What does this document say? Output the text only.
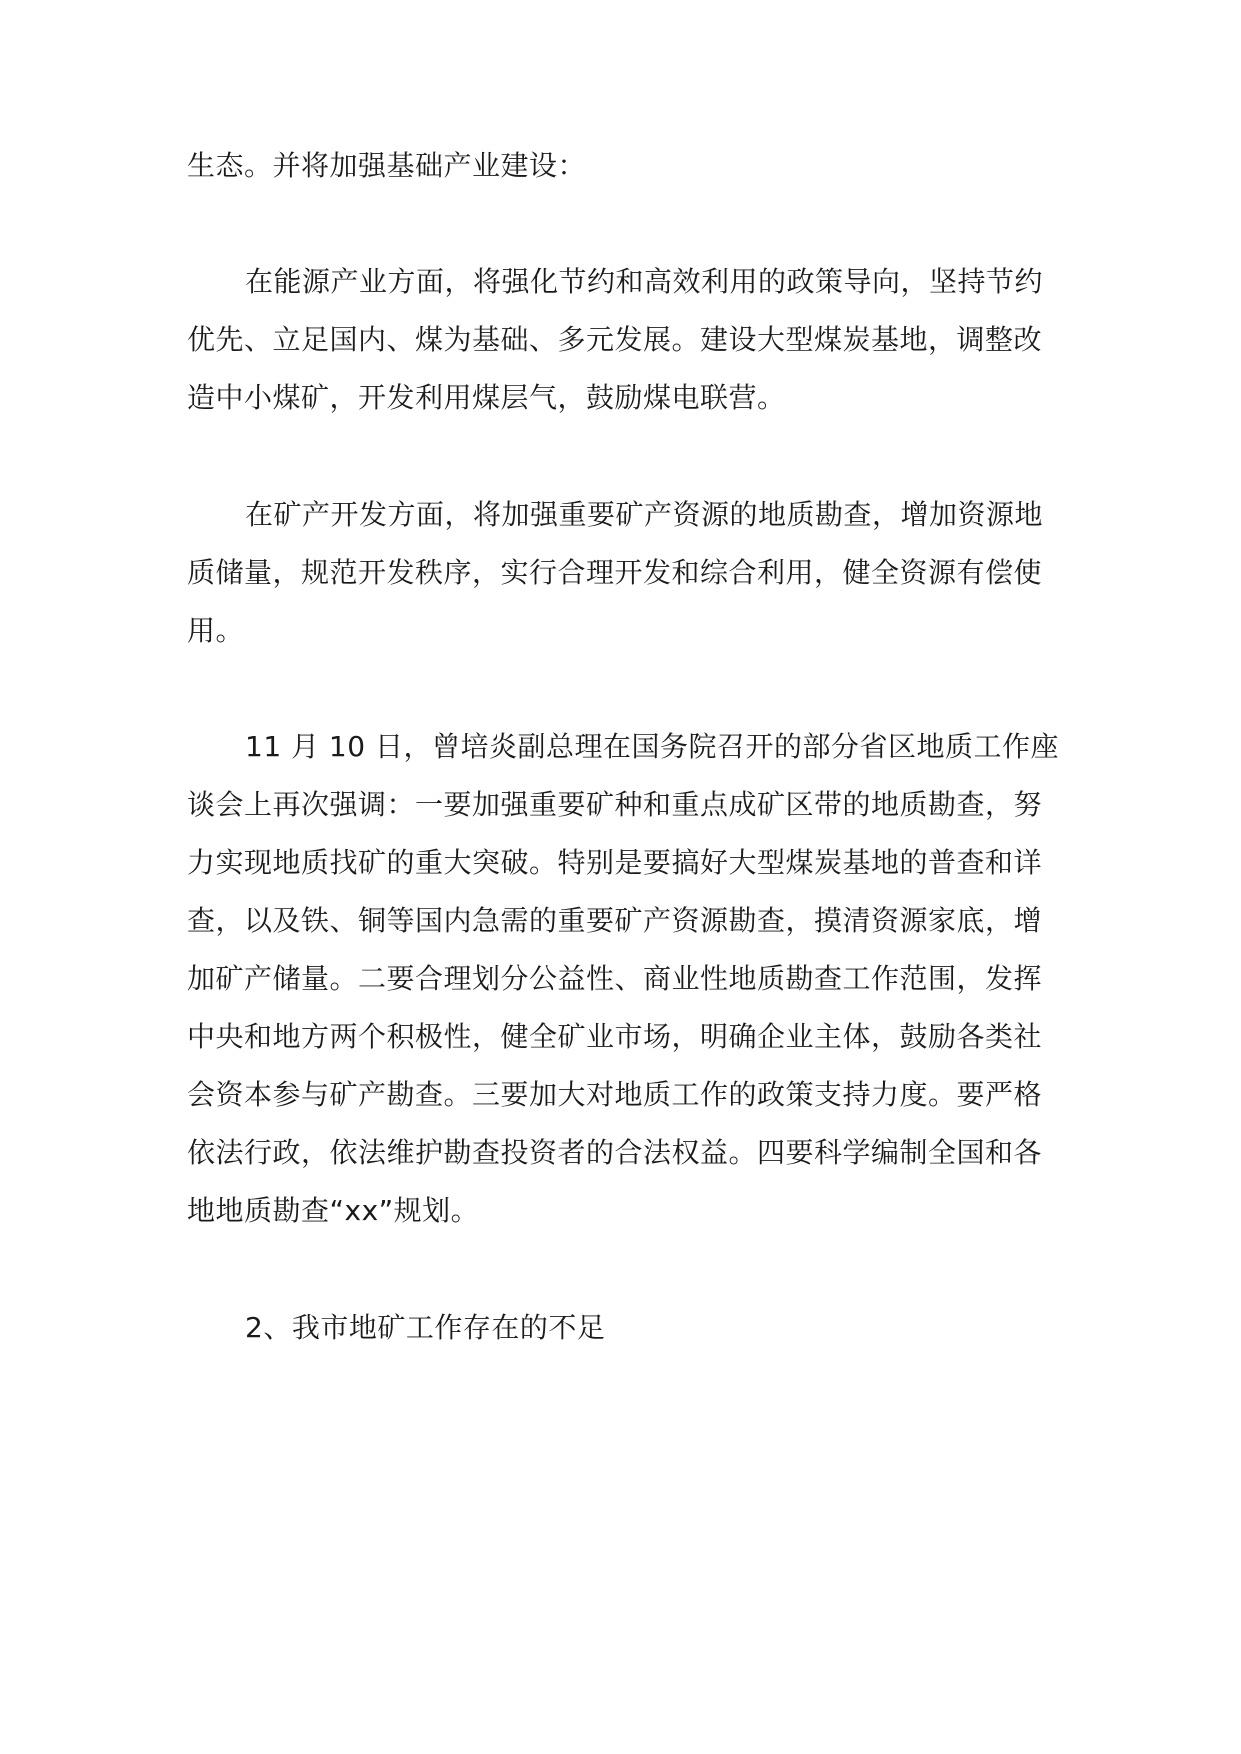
生态。并将加强基础产业建设：
在能源产业方面，将强化节约和高效利用的政策导向，坚持节约
优先、立足国内、煤为基础、多元发展。建设大型煤炭基地，调整改
造中小煤矿，开发利用煤层气，鼓励煤电联营。
在矿产开发方面，将加强重要矿产资源的地质勘查，增加资源地
质储量，规范开发秩序，实行合理开发和综合利用，健全资源有偿使
用。
11 月 10 日，曾培炎副总理在国务院召开的部分省区地质工作座
谈会上再次强调：一要加强重要矿种和重点成矿区带的地质勘查，努
力实现地质找矿的重大突破。特别是要搞好大型煤炭基地的普查和详
查，以及铁、铜等国内急需的重要矿产资源勘查，摸清资源家底，增
加矿产储量。二要合理划分公益性、商业性地质勘查工作范围，发挥
中央和地方两个积极性，健全矿业市场，明确企业主体，鼓励各类社
会资本参与矿产勘查。三要加大对地质工作的政策支持力度。要严格
依法行政，依法维护勘查投资者的合法权益。四要科学编制全国和各
地地质勘查“xx”规划。
2、我市地矿工作存在的不足
